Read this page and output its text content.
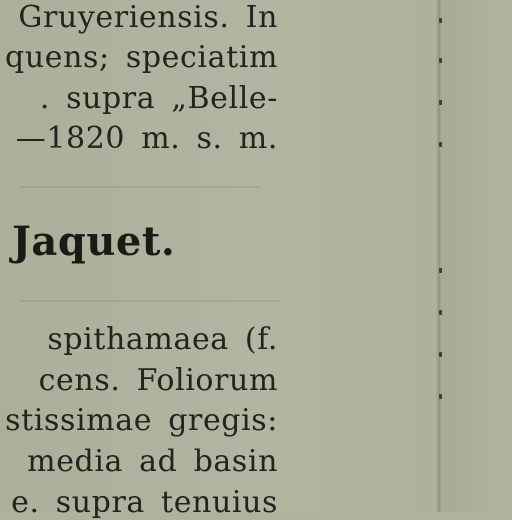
Gruyeriensis. In

quens; speciatim

. supra „Belle-

—1820 m. s. m.

Jaquet.

spithamaea (f.

cens. Foliorum

stissimae gregis:

media ad basin

e. supra tenuius
